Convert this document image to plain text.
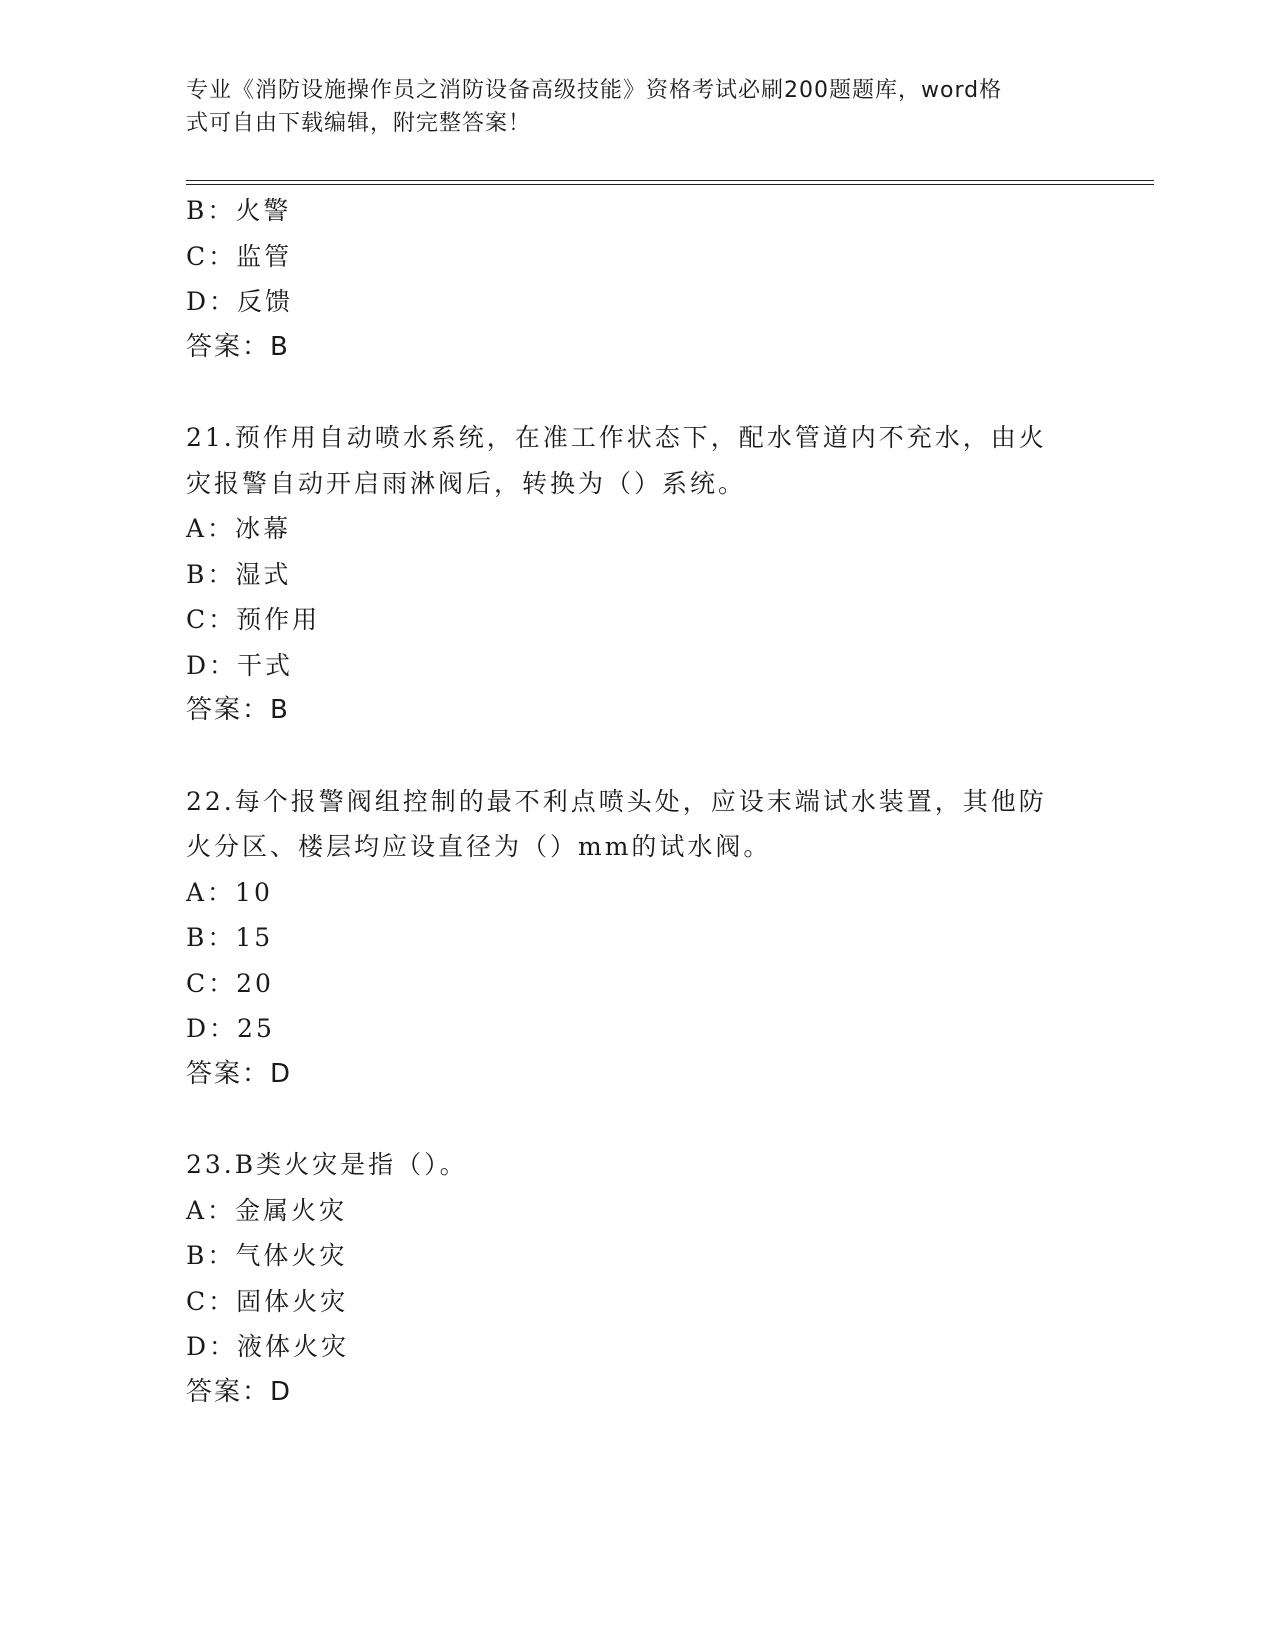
专业《消防设施操作员之消防设备高级技能》资格考试必刷200题题库，word格
式可自由下载编辑，附完整答案！
B：火警
C：监管
D：反馈
答案：B
21.预作用自动喷水系统，在准工作状态下，配水管道内不充水，由火
灾报警自动开启雨淋阀后，转换为（）系统。
A：冰幕
B：湿式
C：预作用
D：干式
答案：B
22.每个报警阀组控制的最不利点喷头处，应设末端试水装置，其他防
火分区、楼层均应设直径为（）mm的试水阀。
A：10
B：15
C：20
D：25
答案：D
23.B类火灾是指（）。
A：金属火灾
B：气体火灾
C：固体火灾
D：液体火灾
答案：D
